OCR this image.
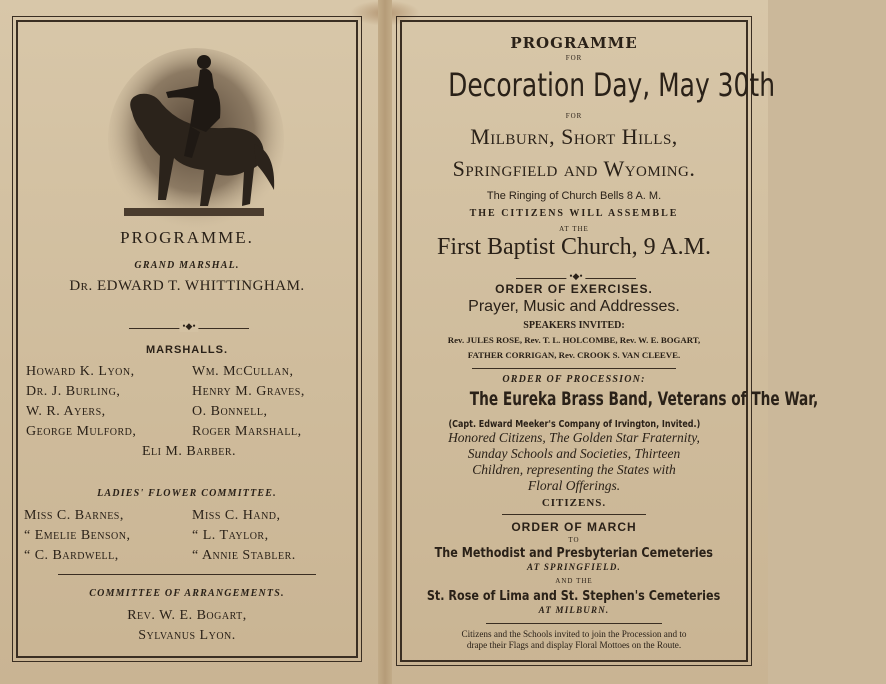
PROGRAMME.
GRAND MARSHAL.
Dr. EDWARD T. WHITTINGHAM.
•◆•
MARSHALLS.
Howard K. Lyon,	Wm. McCullan,
Dr. J. Burling,	Henry M. Graves,
W. R. Ayers,	O. Bonnell,
George Mulford,	Roger Marshall,
Eli M. Barber.
LADIES' FLOWER COMMITTEE.
Miss C. Barnes,	Miss C. Hand,
“ Emelie Benson,	“ L. Taylor,
“ C. Bardwell,	“ Annie Stabler.
COMMITTEE OF ARRANGEMENTS.
Rev. W. E. Bogart,
Sylvanus Lyon.
PROGRAMME
FOR
Decoration Day, May 30th
FOR
Milburn, Short Hills,
Springfield and Wyoming.
The Ringing of Church Bells 8 A. M.
THE CITIZENS WILL ASSEMBLE
AT THE
First Baptist Church, 9 A.M.
•◆•
ORDER OF EXERCISES.
Prayer, Music and Addresses.
SPEAKERS INVITED:
Rev. JULES ROSE, Rev. T. L. HOLCOMBE, Rev. W. E. BOGART,
FATHER CORRIGAN, Rev. CROOK S. VAN CLEEVE.
ORDER OF PROCESSION:
The Eureka Brass Band, Veterans of The War,
(Capt. Edward Meeker's Company of Irvington, Invited.)
Honored Citizens, The Golden Star Fraternity,
Sunday Schools and Societies, Thirteen
Children, representing the States with
Floral Offerings.
CITIZENS.
ORDER OF MARCH
TO
The Methodist and Presbyterian Cemeteries
AT SPRINGFIELD.
AND THE
St. Rose of Lima and St. Stephen's Cemeteries
AT MILBURN.
Citizens and the Schools invited to join the Procession and to
drape their Flags and display Floral Mottoes on the Route.
